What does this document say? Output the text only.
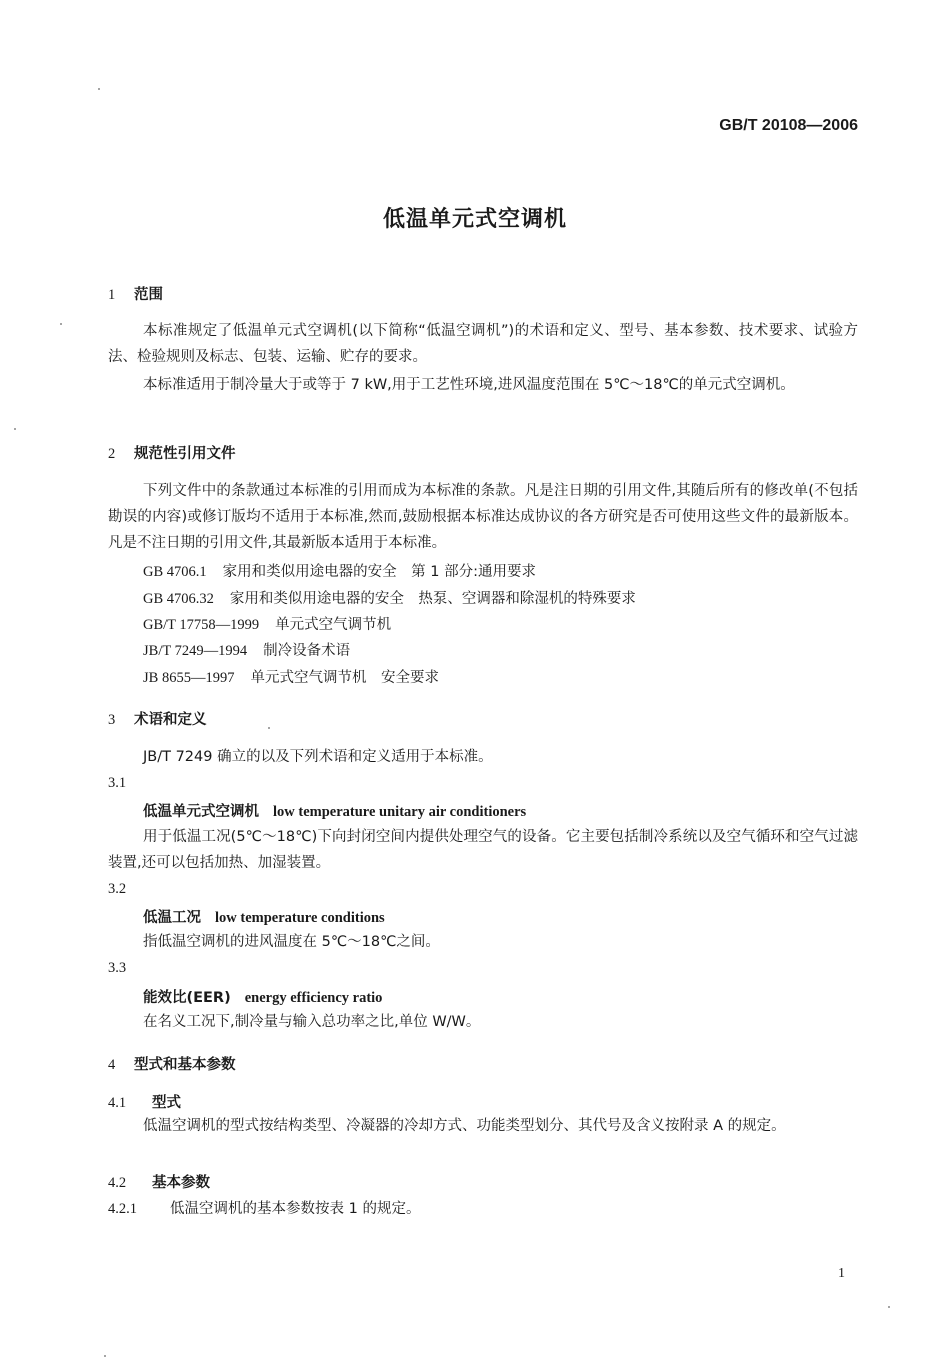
GB/T 20108—2006
低温单元式空调机
1 范围
本标准规定了低温单元式空调机(以下简称“低温空调机”)的术语和定义、型号、基本参数、技术要求、试验方法、检验规则及标志、包装、运输、贮存的要求。
本标准适用于制冷量大于或等于 7 kW,用于工艺性环境,进风温度范围在 5℃～18℃的单元式空调机。
2 规范性引用文件
下列文件中的条款通过本标准的引用而成为本标准的条款。凡是注日期的引用文件,其随后所有的修改单(不包括勘误的内容)或修订版均不适用于本标准,然而,鼓励根据本标准达成协议的各方研究是否可使用这些文件的最新版本。凡是不注日期的引用文件,其最新版本适用于本标准。
GB 4706.1 家用和类似用途电器的安全　第 1 部分:通用要求
GB 4706.32 家用和类似用途电器的安全　热泵、空调器和除湿机的特殊要求
GB/T 17758—1999 单元式空气调节机
JB/T 7249—1994 制冷设备术语
JB 8655—1997 单元式空气调节机　安全要求
3 术语和定义
JB/T 7249 确立的以及下列术语和定义适用于本标准。
3.1
低温单元式空调机 low temperature unitary air conditioners
用于低温工况(5℃～18℃)下向封闭空间内提供处理空气的设备。它主要包括制冷系统以及空气循环和空气过滤装置,还可以包括加热、加湿装置。
3.2
低温工况 low temperature conditions
指低温空调机的进风温度在 5℃～18℃之间。
3.3
能效比(EER) energy efficiency ratio
在名义工况下,制冷量与输入总功率之比,单位 W/W。
4 型式和基本参数
4.1 型式
低温空调机的型式按结构类型、冷凝器的冷却方式、功能类型划分、其代号及含义按附录 A 的规定。
4.2 基本参数
4.2.1 低温空调机的基本参数按表 1 的规定。
1
